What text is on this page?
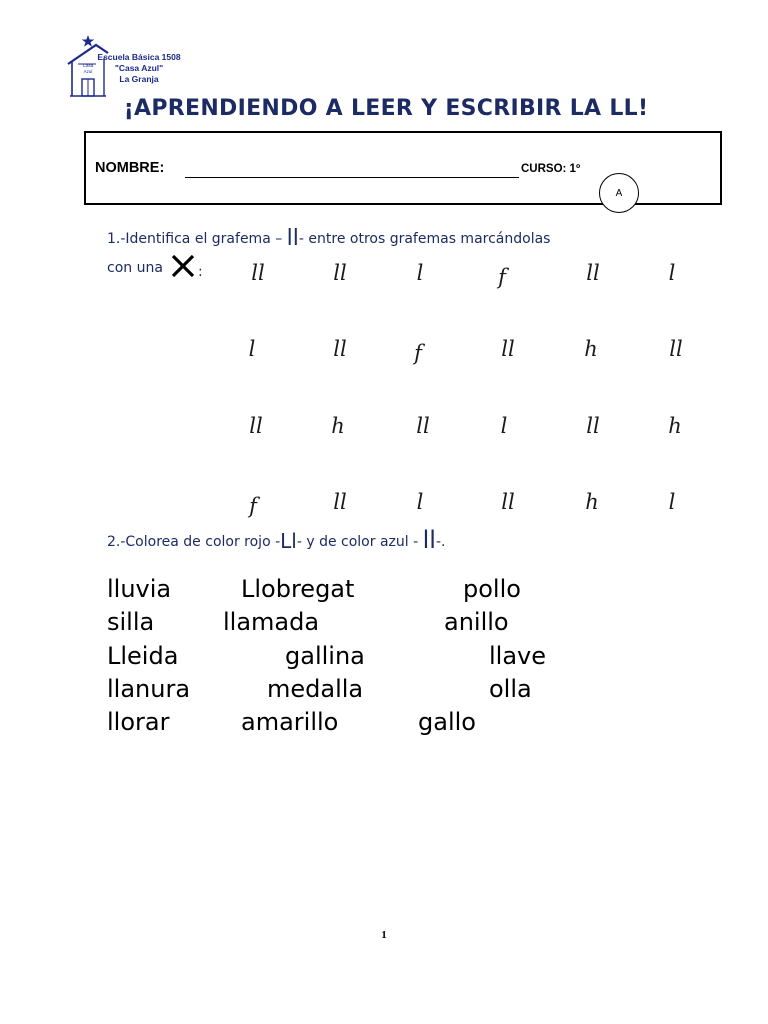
Casa
Azul
Escuela Básica 1508
"Casa Azul"
La Granja
¡APRENDIENDO A LEER Y ESCRIBIR LA LL!
NOMBRE:	CURSO: 1º
A
1.-Identifica el grafema – ll- entre otros grafemas marcándolas
con una	:	ll	ll	l	f	ll	l
l	ll	f	ll	h	ll
ll	h	ll	l	ll	h
f	ll	l	ll	h	l
2.-Colorea de color rojo -Ll- y de color azul - ll-.
lluvia	Llobregat	pollo
silla	llamada	anillo
Lleida	gallina	llave
llanura	medalla	olla
llorar	amarillo	gallo
1
